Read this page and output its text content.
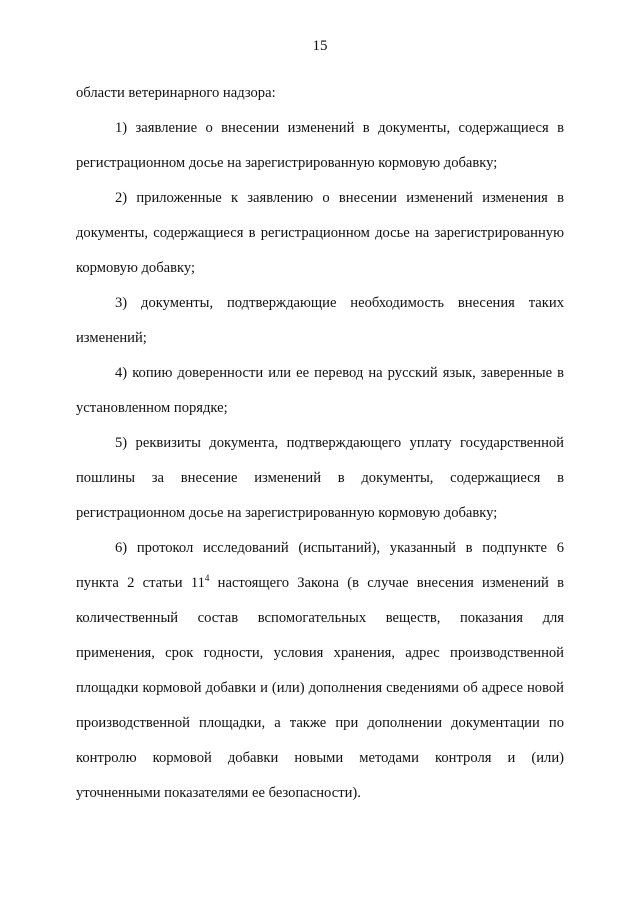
15

области ветеринарного надзора:

1) заявление о внесении изменений в документы, содержащиеся в регистрационном досье на зарегистрированную кормовую добавку;

2) приложенные к заявлению о внесении изменений изменения в документы, содержащиеся в регистрационном досье на зарегистрированную кормовую добавку;

3) документы, подтверждающие необходимость внесения таких изменений;

4) копию доверенности или ее перевод на русский язык, заверенные в установленном порядке;

5) реквизиты документа, подтверждающего уплату государственной пошлины за внесение изменений в документы, содержащиеся в регистрационном досье на зарегистрированную кормовую добавку;

6) протокол исследований (испытаний), указанный в подпункте 6 пункта 2 статьи $11^4$ настоящего Закона (в случае внесения изменений в количественный состав вспомогательных веществ, показания для применения, срок годности, условия хранения, адрес производственной площадки кормовой добавки и (или) дополнения сведениями об адресе новой производственной площадки, а также при дополнении документации по контролю кормовой добавки новыми методами контроля и (или) уточненными показателями ее безопасности).
